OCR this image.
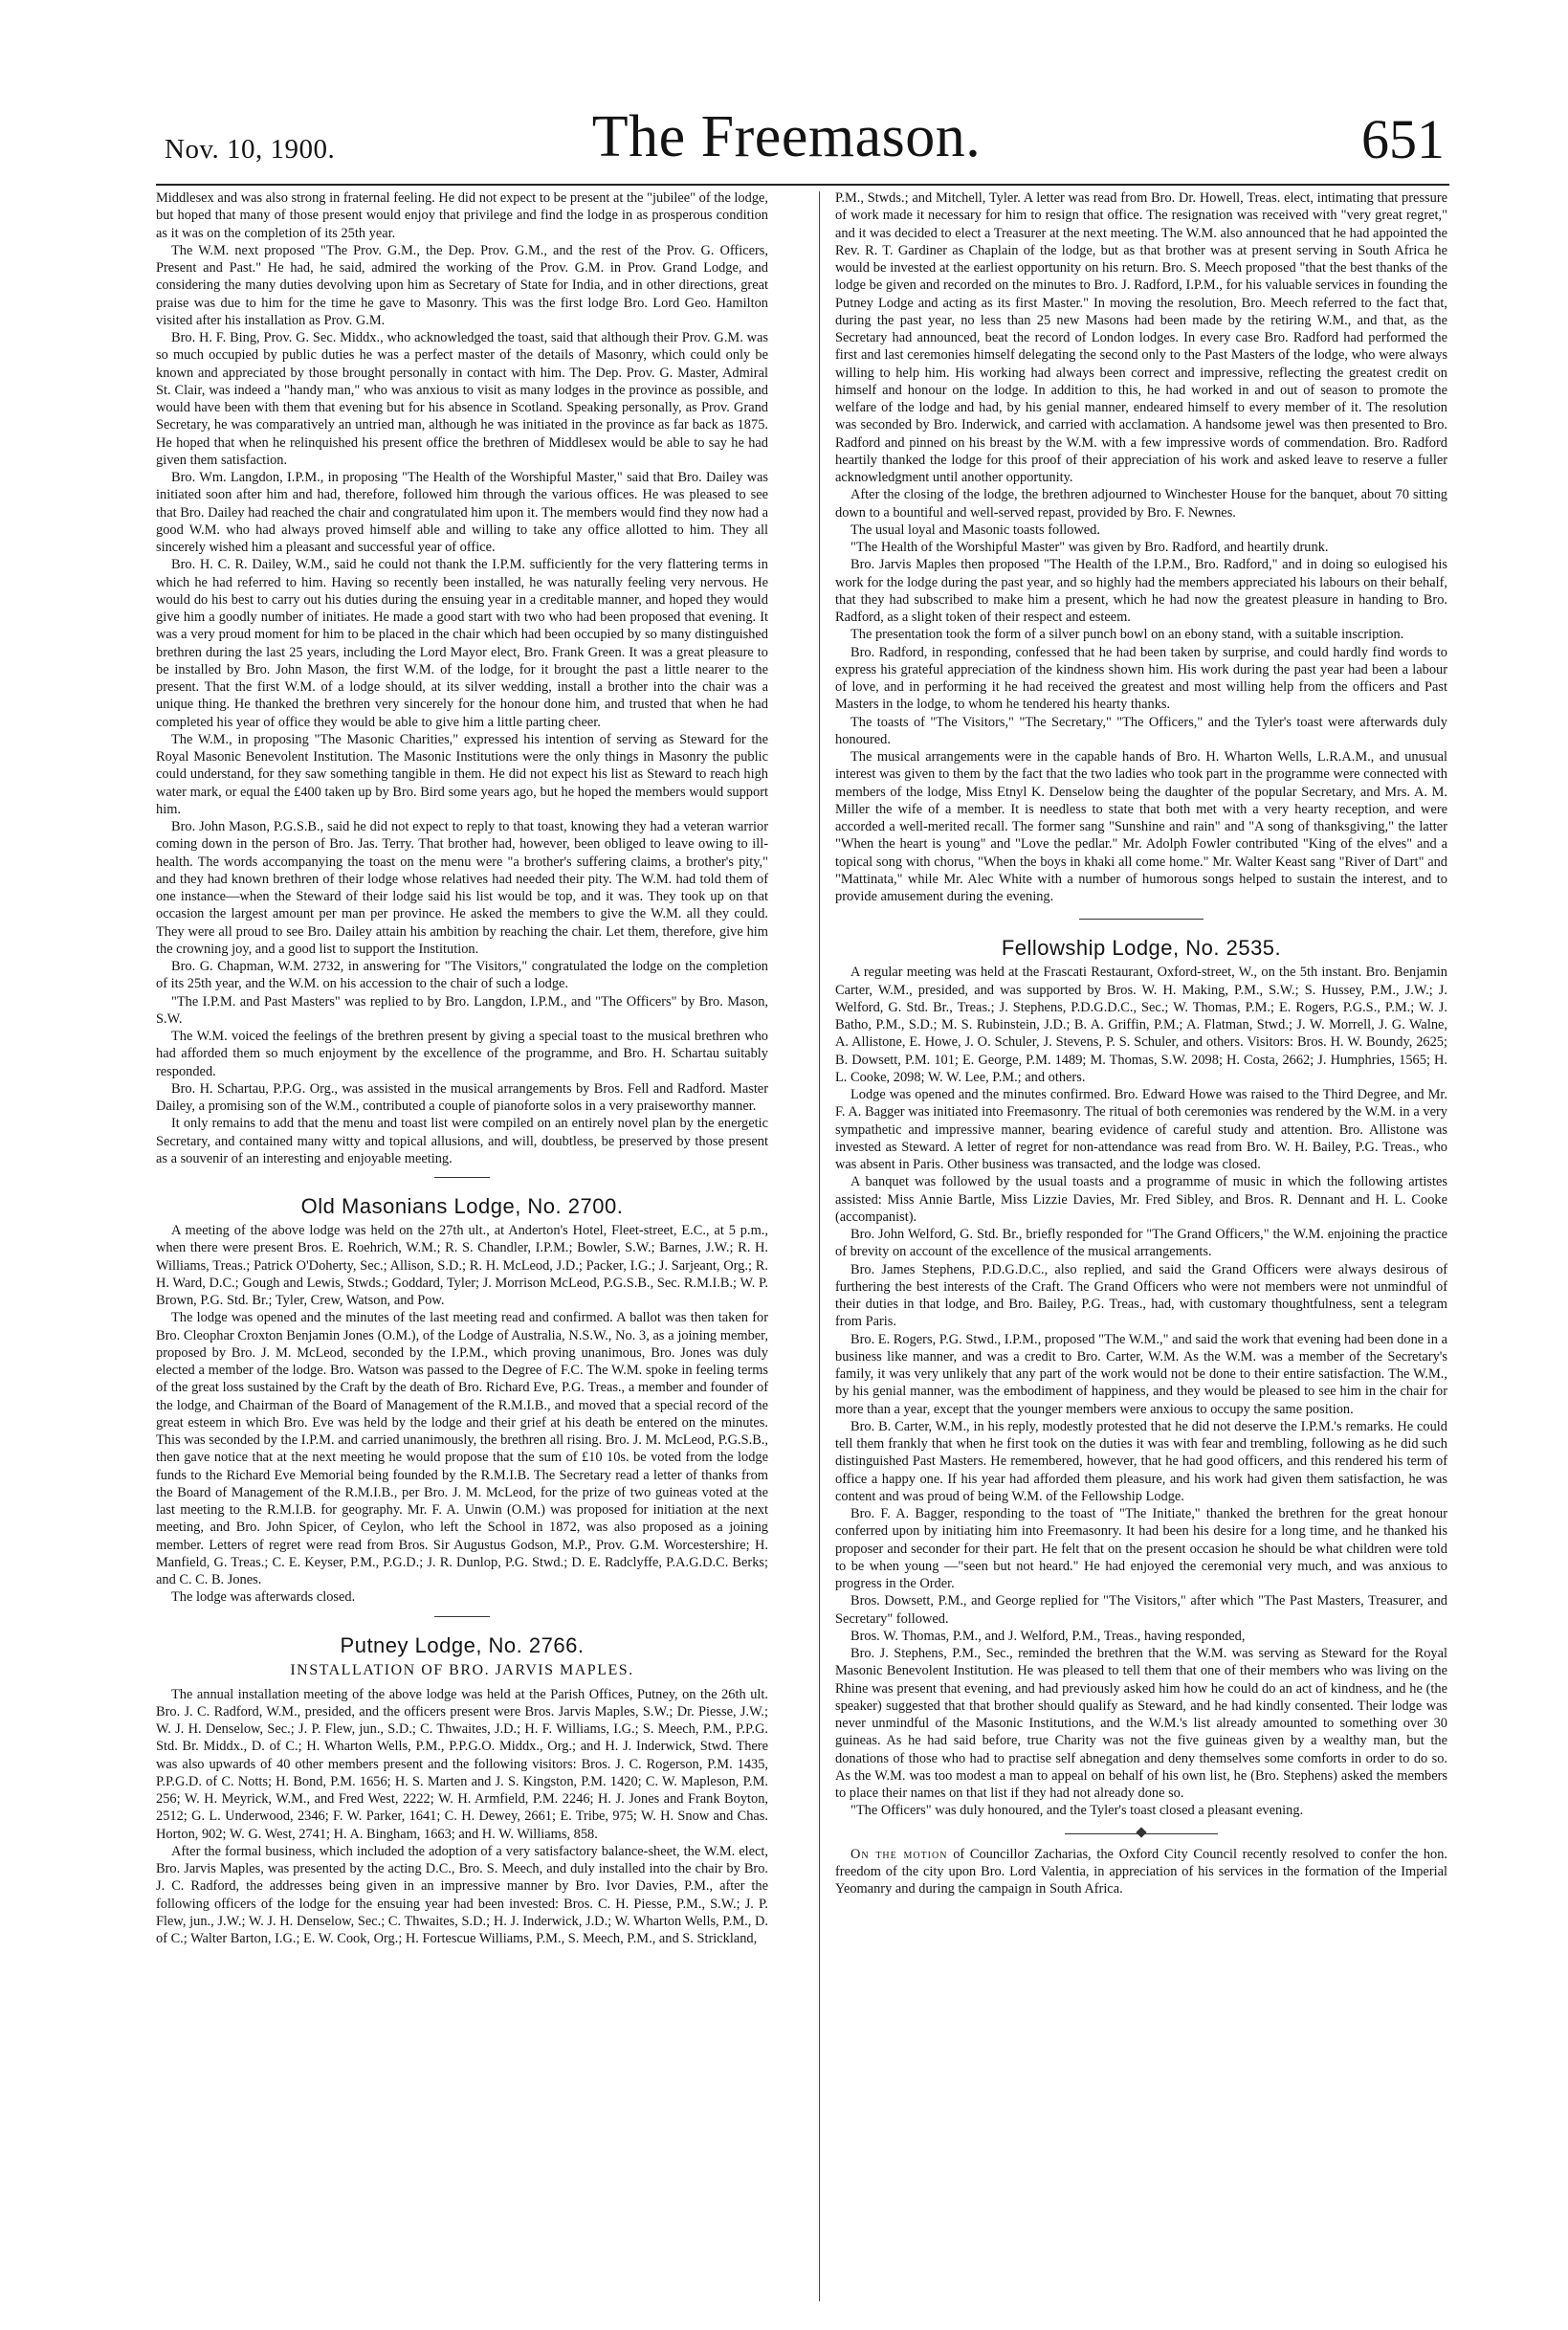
Nov. 10, 1900.	The Freemason.	651

Middlesex and was also strong in fraternal feeling. He did not expect to be present at the "jubilee" of the lodge, but hoped that many of those present would enjoy that privilege and find the lodge in as prosperous condition as it was on the completion of its 25th year.

The W.M. next proposed "The Prov. G.M., the Dep. Prov. G.M., and the rest of the Prov. G. Officers, Present and Past." He had, he said, admired the working of the Prov. G.M. in Prov. Grand Lodge, and considering the many duties devolving upon him as Secretary of State for India, and in other directions, great praise was due to him for the time he gave to Masonry. This was the first lodge Bro. Lord Geo. Hamilton visited after his installation as Prov. G.M.

Bro. H. F. Bing, Prov. G. Sec. Middx., who acknowledged the toast, said that although their Prov. G.M. was so much occupied by public duties he was a perfect master of the details of Masonry, which could only be known and appreciated by those brought personally in contact with him. The Dep. Prov. G. Master, Admiral St. Clair, was indeed a "handy man," who was anxious to visit as many lodges in the province as possible, and would have been with them that evening but for his absence in Scotland. Speaking personally, as Prov. Grand Secretary, he was comparatively an untried man, although he was initiated in the province as far back as 1875. He hoped that when he relinquished his present office the brethren of Middlesex would be able to say he had given them satisfaction.

Bro. Wm. Langdon, I.P.M., in proposing "The Health of the Worshipful Master," said that Bro. Dailey was initiated soon after him and had, therefore, followed him through the various offices. He was pleased to see that Bro. Dailey had reached the chair and congratulated him upon it. The members would find they now had a good W.M. who had always proved himself able and willing to take any office allotted to him. They all sincerely wished him a pleasant and successful year of office.

Bro. H. C. R. Dailey, W.M., said he could not thank the I.P.M. sufficiently for the very flattering terms in which he had referred to him. Having so recently been installed, he was naturally feeling very nervous. He would do his best to carry out his duties during the ensuing year in a creditable manner, and hoped they would give him a goodly number of initiates. He made a good start with two who had been proposed that evening. It was a very proud moment for him to be placed in the chair which had been occupied by so many distinguished brethren during the last 25 years, including the Lord Mayor elect, Bro. Frank Green. It was a great pleasure to be installed by Bro. John Mason, the first W.M. of the lodge, for it brought the past a little nearer to the present. That the first W.M. of a lodge should, at its silver wedding, install a brother into the chair was a unique thing. He thanked the brethren very sincerely for the honour done him, and trusted that when he had completed his year of office they would be able to give him a little parting cheer.

The W.M., in proposing "The Masonic Charities," expressed his intention of serving as Steward for the Royal Masonic Benevolent Institution. The Masonic Institutions were the only things in Masonry the public could understand, for they saw something tangible in them. He did not expect his list as Steward to reach high water mark, or equal the £400 taken up by Bro. Bird some years ago, but he hoped the members would support him.

Bro. John Mason, P.G.S.B., said he did not expect to reply to that toast, knowing they had a veteran warrior coming down in the person of Bro. Jas. Terry. That brother had, however, been obliged to leave owing to ill-health. The words accompanying the toast on the menu were "a brother's suffering claims, a brother's pity," and they had known brethren of their lodge whose relatives had needed their pity. The W.M. had told them of one instance—when the Steward of their lodge said his list would be top, and it was. They took up on that occasion the largest amount per man per province. He asked the members to give the W.M. all they could. They were all proud to see Bro. Dailey attain his ambition by reaching the chair. Let them, therefore, give him the crowning joy, and a good list to support the Institution.

Bro. G. Chapman, W.M. 2732, in answering for "The Visitors," congratulated the lodge on the completion of its 25th year, and the W.M. on his accession to the chair of such a lodge.

"The I.P.M. and Past Masters" was replied to by Bro. Langdon, I.P.M., and "The Officers" by Bro. Mason, S.W.

The W.M. voiced the feelings of the brethren present by giving a special toast to the musical brethren who had afforded them so much enjoyment by the excellence of the programme, and Bro. H. Schartau suitably responded.

Bro. H. Schartau, P.P.G. Org., was assisted in the musical arrangements by Bros. Fell and Radford. Master Dailey, a promising son of the W.M., contributed a couple of pianoforte solos in a very praiseworthy manner.

It only remains to add that the menu and toast list were compiled on an entirely novel plan by the energetic Secretary, and contained many witty and topical allusions, and will, doubtless, be preserved by those present as a souvenir of an interesting and enjoyable meeting.

Old Masonians Lodge, No. 2700.

A meeting of the above lodge was held on the 27th ult., at Anderton's Hotel, Fleet-street, E.C., at 5 p.m., when there were present Bros. E. Roehrich, W.M.; R. S. Chandler, I.P.M.; Bowler, S.W.; Barnes, J.W.; R. H. Williams, Treas.; Patrick O'Doherty, Sec.; Allison, S.D.; R. H. McLeod, J.D.; Packer, I.G.; J. Sarjeant, Org.; R. H. Ward, D.C.; Gough and Lewis, Stwds.; Goddard, Tyler; J. Morrison McLeod, P.G.S.B., Sec. R.M.I.B.; W. P. Brown, P.G. Std. Br.; Tyler, Crew, Watson, and Pow.

The lodge was opened and the minutes of the last meeting read and confirmed. A ballot was then taken for Bro. Cleophar Croxton Benjamin Jones (O.M.), of the Lodge of Australia, N.S.W., No. 3, as a joining member, proposed by Bro. J. M. McLeod, seconded by the I.P.M., which proving unanimous, Bro. Jones was duly elected a member of the lodge. Bro. Watson was passed to the Degree of F.C. The W.M. spoke in feeling terms of the great loss sustained by the Craft by the death of Bro. Richard Eve, P.G. Treas., a member and founder of the lodge, and Chairman of the Board of Management of the R.M.I.B., and moved that a special record of the great esteem in which Bro. Eve was held by the lodge and their grief at his death be entered on the minutes. This was seconded by the I.P.M. and carried unanimously, the brethren all rising. Bro. J. M. McLeod, P.G.S.B., then gave notice that at the next meeting he would propose that the sum of £10 10s. be voted from the lodge funds to the Richard Eve Memorial being founded by the R.M.I.B. The Secretary read a letter of thanks from the Board of Management of the R.M.I.B., per Bro. J. M. McLeod, for the prize of two guineas voted at the last meeting to the R.M.I.B. for geography. Mr. F. A. Unwin (O.M.) was proposed for initiation at the next meeting, and Bro. John Spicer, of Ceylon, who left the School in 1872, was also proposed as a joining member. Letters of regret were read from Bros. Sir Augustus Godson, M.P., Prov. G.M. Worcestershire; H. Manfield, G. Treas.; C. E. Keyser, P.M., P.G.D.; J. R. Dunlop, P.G. Stwd.; D. E. Radclyffe, P.A.G.D.C. Berks; and C. C. B. Jones.

The lodge was afterwards closed.

Putney Lodge, No. 2766.
INSTALLATION OF BRO. JARVIS MAPLES.

The annual installation meeting of the above lodge was held at the Parish Offices, Putney, on the 26th ult. Bro. J. C. Radford, W.M., presided, and the officers present were Bros. Jarvis Maples, S.W.; Dr. Piesse, J.W.; W. J. H. Denselow, Sec.; J. P. Flew, jun., S.D.; C. Thwaites, J.D.; H. F. Williams, I.G.; S. Meech, P.M., P.P.G. Std. Br. Middx., D. of C.; H. Wharton Wells, P.M., P.P.G.O. Middx., Org.; and H. J. Inderwick, Stwd. There was also upwards of 40 other members present and the following visitors: Bros. J. C. Rogerson, P.M. 1435, P.P.G.D. of C. Notts; H. Bond, P.M. 1656; H. S. Marten and J. S. Kingston, P.M. 1420; C. W. Mapleson, P.M. 256; W. H. Meyrick, W.M., and Fred West, 2222; W. H. Armfield, P.M. 2246; H. J. Jones and Frank Boyton, 2512; G. L. Underwood, 2346; F. W. Parker, 1641; C. H. Dewey, 2661; E. Tribe, 975; W. H. Snow and Chas. Horton, 902; W. G. West, 2741; H. A. Bingham, 1663; and H. W. Williams, 858.

After the formal business, which included the adoption of a very satisfactory balance-sheet, the W.M. elect, Bro. Jarvis Maples, was presented by the acting D.C., Bro. S. Meech, and duly installed into the chair by Bro. J. C. Radford, the addresses being given in an impressive manner by Bro. Ivor Davies, P.M., after the following officers of the lodge for the ensuing year had been invested: Bros. C. H. Piesse, P.M., S.W.; J. P. Flew, jun., J.W.; W. J. H. Denselow, Sec.; C. Thwaites, S.D.; H. J. Inderwick, J.D.; W. Wharton Wells, P.M., D. of C.; Walter Barton, I.G.; E. W. Cook, Org.; H. Fortescue Williams, P.M., S. Meech, P.M., and S. Strickland,

P.M., Stwds.; and Mitchell, Tyler. A letter was read from Bro. Dr. Howell, Treas. elect, intimating that pressure of work made it necessary for him to resign that office. The resignation was received with "very great regret," and it was decided to elect a Treasurer at the next meeting. The W.M. also announced that he had appointed the Rev. R. T. Gardiner as Chaplain of the lodge, but as that brother was at present serving in South Africa he would be invested at the earliest opportunity on his return. Bro. S. Meech proposed "that the best thanks of the lodge be given and recorded on the minutes to Bro. J. Radford, I.P.M., for his valuable services in founding the Putney Lodge and acting as its first Master." In moving the resolution, Bro. Meech referred to the fact that, during the past year, no less than 25 new Masons had been made by the retiring W.M., and that, as the Secretary had announced, beat the record of London lodges. In every case Bro. Radford had performed the first and last ceremonies himself delegating the second only to the Past Masters of the lodge, who were always willing to help him. His working had always been correct and impressive, reflecting the greatest credit on himself and honour on the lodge. In addition to this, he had worked in and out of season to promote the welfare of the lodge and had, by his genial manner, endeared himself to every member of it. The resolution was seconded by Bro. Inderwick, and carried with acclamation. A handsome jewel was then presented to Bro. Radford and pinned on his breast by the W.M. with a few impressive words of commendation. Bro. Radford heartily thanked the lodge for this proof of their appreciation of his work and asked leave to reserve a fuller acknowledgment until another opportunity.

After the closing of the lodge, the brethren adjourned to Winchester House for the banquet, about 70 sitting down to a bountiful and well-served repast, provided by Bro. F. Newnes.

The usual loyal and Masonic toasts followed.

"The Health of the Worshipful Master" was given by Bro. Radford, and heartily drunk.

Bro. Jarvis Maples then proposed "The Health of the I.P.M., Bro. Radford," and in doing so eulogised his work for the lodge during the past year, and so highly had the members appreciated his labours on their behalf, that they had subscribed to make him a present, which he had now the greatest pleasure in handing to Bro. Radford, as a slight token of their respect and esteem.

The presentation took the form of a silver punch bowl on an ebony stand, with a suitable inscription.

Bro. Radford, in responding, confessed that he had been taken by surprise, and could hardly find words to express his grateful appreciation of the kindness shown him. His work during the past year had been a labour of love, and in performing it he had received the greatest and most willing help from the officers and Past Masters in the lodge, to whom he tendered his hearty thanks.

The toasts of "The Visitors," "The Secretary," "The Officers," and the Tyler's toast were afterwards duly honoured.

The musical arrangements were in the capable hands of Bro. H. Wharton Wells, L.R.A.M., and unusual interest was given to them by the fact that the two ladies who took part in the programme were connected with members of the lodge, Miss Etnyl K. Denselow being the daughter of the popular Secretary, and Mrs. A. M. Miller the wife of a member. It is needless to state that both met with a very hearty reception, and were accorded a well-merited recall. The former sang "Sunshine and rain" and "A song of thanksgiving," the latter "When the heart is young" and "Love the pedlar." Mr. Adolph Fowler contributed "King of the elves" and a topical song with chorus, "When the boys in khaki all come home." Mr. Walter Keast sang "River of Dart" and "Mattinata," while Mr. Alec White with a number of humorous songs helped to sustain the interest, and to provide amusement during the evening.

Fellowship Lodge, No. 2535.

A regular meeting was held at the Frascati Restaurant, Oxford-street, W., on the 5th instant. Bro. Benjamin Carter, W.M., presided, and was supported by Bros. W. H. Making, P.M., S.W.; S. Hussey, P.M., J.W.; J. Welford, G. Std. Br., Treas.; J. Stephens, P.D.G.D.C., Sec.; W. Thomas, P.M.; E. Rogers, P.G.S., P.M.; W. J. Batho, P.M., S.D.; M. S. Rubinstein, J.D.; B. A. Griffin, P.M.; A. Flatman, Stwd.; J. W. Morrell, J. G. Walne, A. Allistone, E. Howe, J. O. Schuler, J. Stevens, P. S. Schuler, and others. Visitors: Bros. H. W. Boundy, 2625; B. Dowsett, P.M. 101; E. George, P.M. 1489; M. Thomas, S.W. 2098; H. Costa, 2662; J. Humphries, 1565; H. L. Cooke, 2098; W. W. Lee, P.M.; and others.

Lodge was opened and the minutes confirmed. Bro. Edward Howe was raised to the Third Degree, and Mr. F. A. Bagger was initiated into Freemasonry. The ritual of both ceremonies was rendered by the W.M. in a very sympathetic and impressive manner, bearing evidence of careful study and attention. Bro. Allistone was invested as Steward. A letter of regret for non-attendance was read from Bro. W. H. Bailey, P.G. Treas., who was absent in Paris. Other business was transacted, and the lodge was closed.

A banquet was followed by the usual toasts and a programme of music in which the following artistes assisted: Miss Annie Bartle, Miss Lizzie Davies, Mr. Fred Sibley, and Bros. R. Dennant and H. L. Cooke (accompanist).

Bro. John Welford, G. Std. Br., briefly responded for "The Grand Officers," the W.M. enjoining the practice of brevity on account of the excellence of the musical arrangements.

Bro. James Stephens, P.D.G.D.C., also replied, and said the Grand Officers were always desirous of furthering the best interests of the Craft. The Grand Officers who were not members were not unmindful of their duties in that lodge, and Bro. Bailey, P.G. Treas., had, with customary thoughtfulness, sent a telegram from Paris.

Bro. E. Rogers, P.G. Stwd., I.P.M., proposed "The W.M.," and said the work that evening had been done in a business like manner, and was a credit to Bro. Carter, W.M. As the W.M. was a member of the Secretary's family, it was very unlikely that any part of the work would not be done to their entire satisfaction. The W.M., by his genial manner, was the embodiment of happiness, and they would be pleased to see him in the chair for more than a year, except that the younger members were anxious to occupy the same position.

Bro. B. Carter, W.M., in his reply, modestly protested that he did not deserve the I.P.M.'s remarks. He could tell them frankly that when he first took on the duties it was with fear and trembling, following as he did such distinguished Past Masters. He remembered, however, that he had good officers, and this rendered his term of office a happy one. If his year had afforded them pleasure, and his work had given them satisfaction, he was content and was proud of being W.M. of the Fellowship Lodge.

Bro. F. A. Bagger, responding to the toast of "The Initiate," thanked the brethren for the great honour conferred upon by initiating him into Freemasonry. It had been his desire for a long time, and he thanked his proposer and seconder for their part. He felt that on the present occasion he should be what children were told to be when young —"seen but not heard." He had enjoyed the ceremonial very much, and was anxious to progress in the Order.

Bros. Dowsett, P.M., and George replied for "The Visitors," after which "The Past Masters, Treasurer, and Secretary" followed.

Bros. W. Thomas, P.M., and J. Welford, P.M., Treas., having responded,

Bro. J. Stephens, P.M., Sec., reminded the brethren that the W.M. was serving as Steward for the Royal Masonic Benevolent Institution. He was pleased to tell them that one of their members who was living on the Rhine was present that evening, and had previously asked him how he could do an act of kindness, and he (the speaker) suggested that that brother should qualify as Steward, and he had kindly consented. Their lodge was never unmindful of the Masonic Institutions, and the W.M.'s list already amounted to something over 30 guineas. As he had said before, true Charity was not the five guineas given by a wealthy man, but the donations of those who had to practise self abnegation and deny themselves some comforts in order to do so. As the W.M. was too modest a man to appeal on behalf of his own list, he (Bro. Stephens) asked the members to place their names on that list if they had not already done so.

"The Officers" was duly honoured, and the Tyler's toast closed a pleasant evening.

On the motion of Councillor Zacharias, the Oxford City Council recently resolved to confer the hon. freedom of the city upon Bro. Lord Valentia, in appreciation of his services in the formation of the Imperial Yeomanry and during the campaign in South Africa.
